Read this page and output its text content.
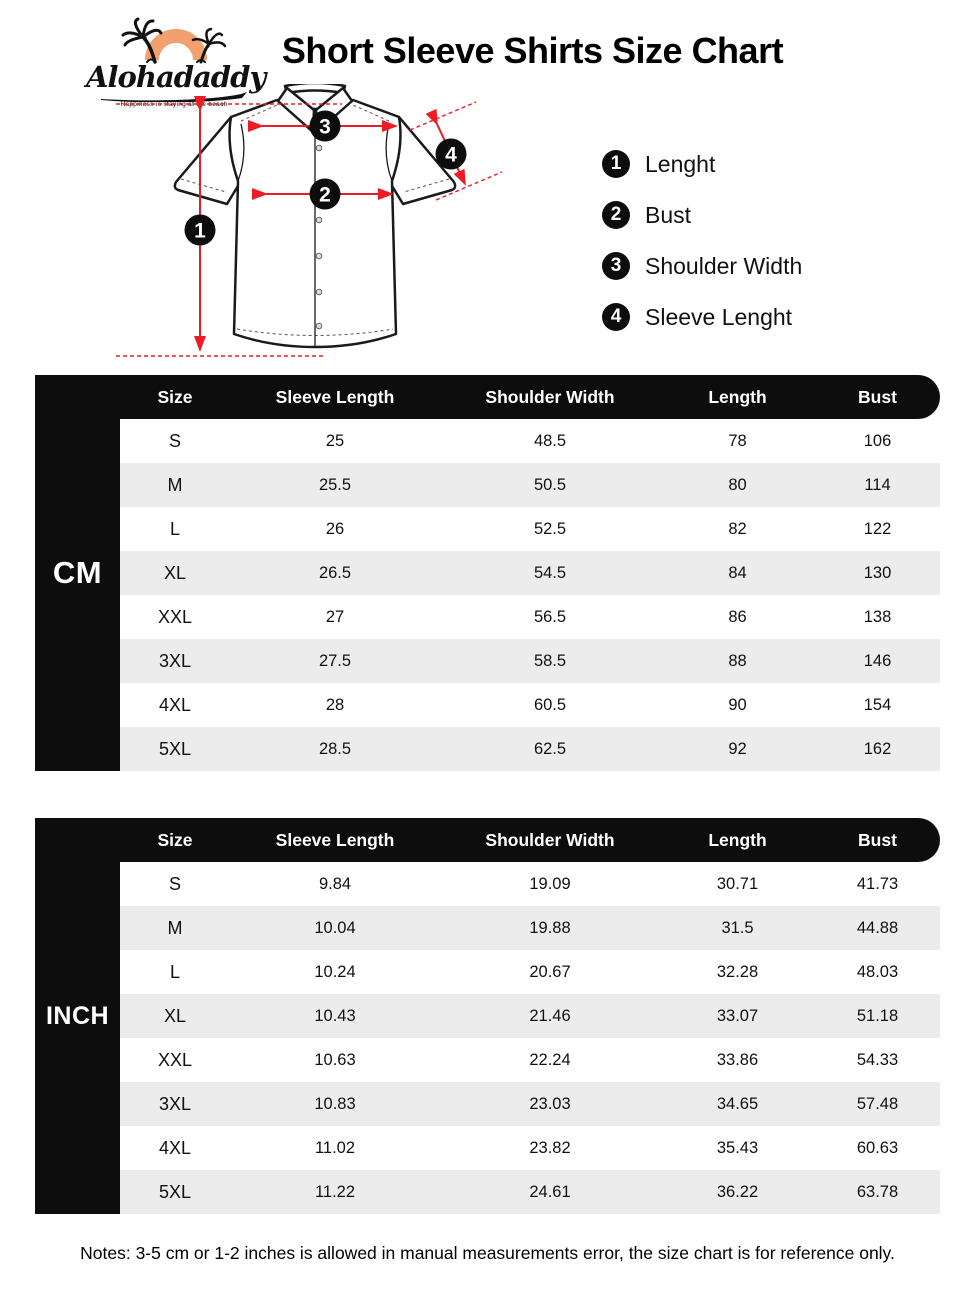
Alohadaddy
Happiness is staying at the beach
Short Sleeve Shirts Size Chart
1
2
3
4	1	Lenght
2	Bust
3	Shoulder Width
4	Sleeve Lenght
CM
Size	Sleeve Length	Shoulder Width	Length	Bust
S	25	48.5	78	106
M	25.5	50.5	80	114
L	26	52.5	82	122
XL	26.5	54.5	84	130
XXL	27	56.5	86	138
3XL	27.5	58.5	88	146
4XL	28	60.5	90	154
5XL	28.5	62.5	92	162
INCH
Size	Sleeve Length	Shoulder Width	Length	Bust
S	9.84	19.09	30.71	41.73
M	10.04	19.88	31.5	44.88
L	10.24	20.67	32.28	48.03
XL	10.43	21.46	33.07	51.18
XXL	10.63	22.24	33.86	54.33
3XL	10.83	23.03	34.65	57.48
4XL	11.02	23.82	35.43	60.63
5XL	11.22	24.61	36.22	63.78
Notes: 3-5 cm or 1-2 inches is allowed in manual measurements error, the size chart is for reference only.
